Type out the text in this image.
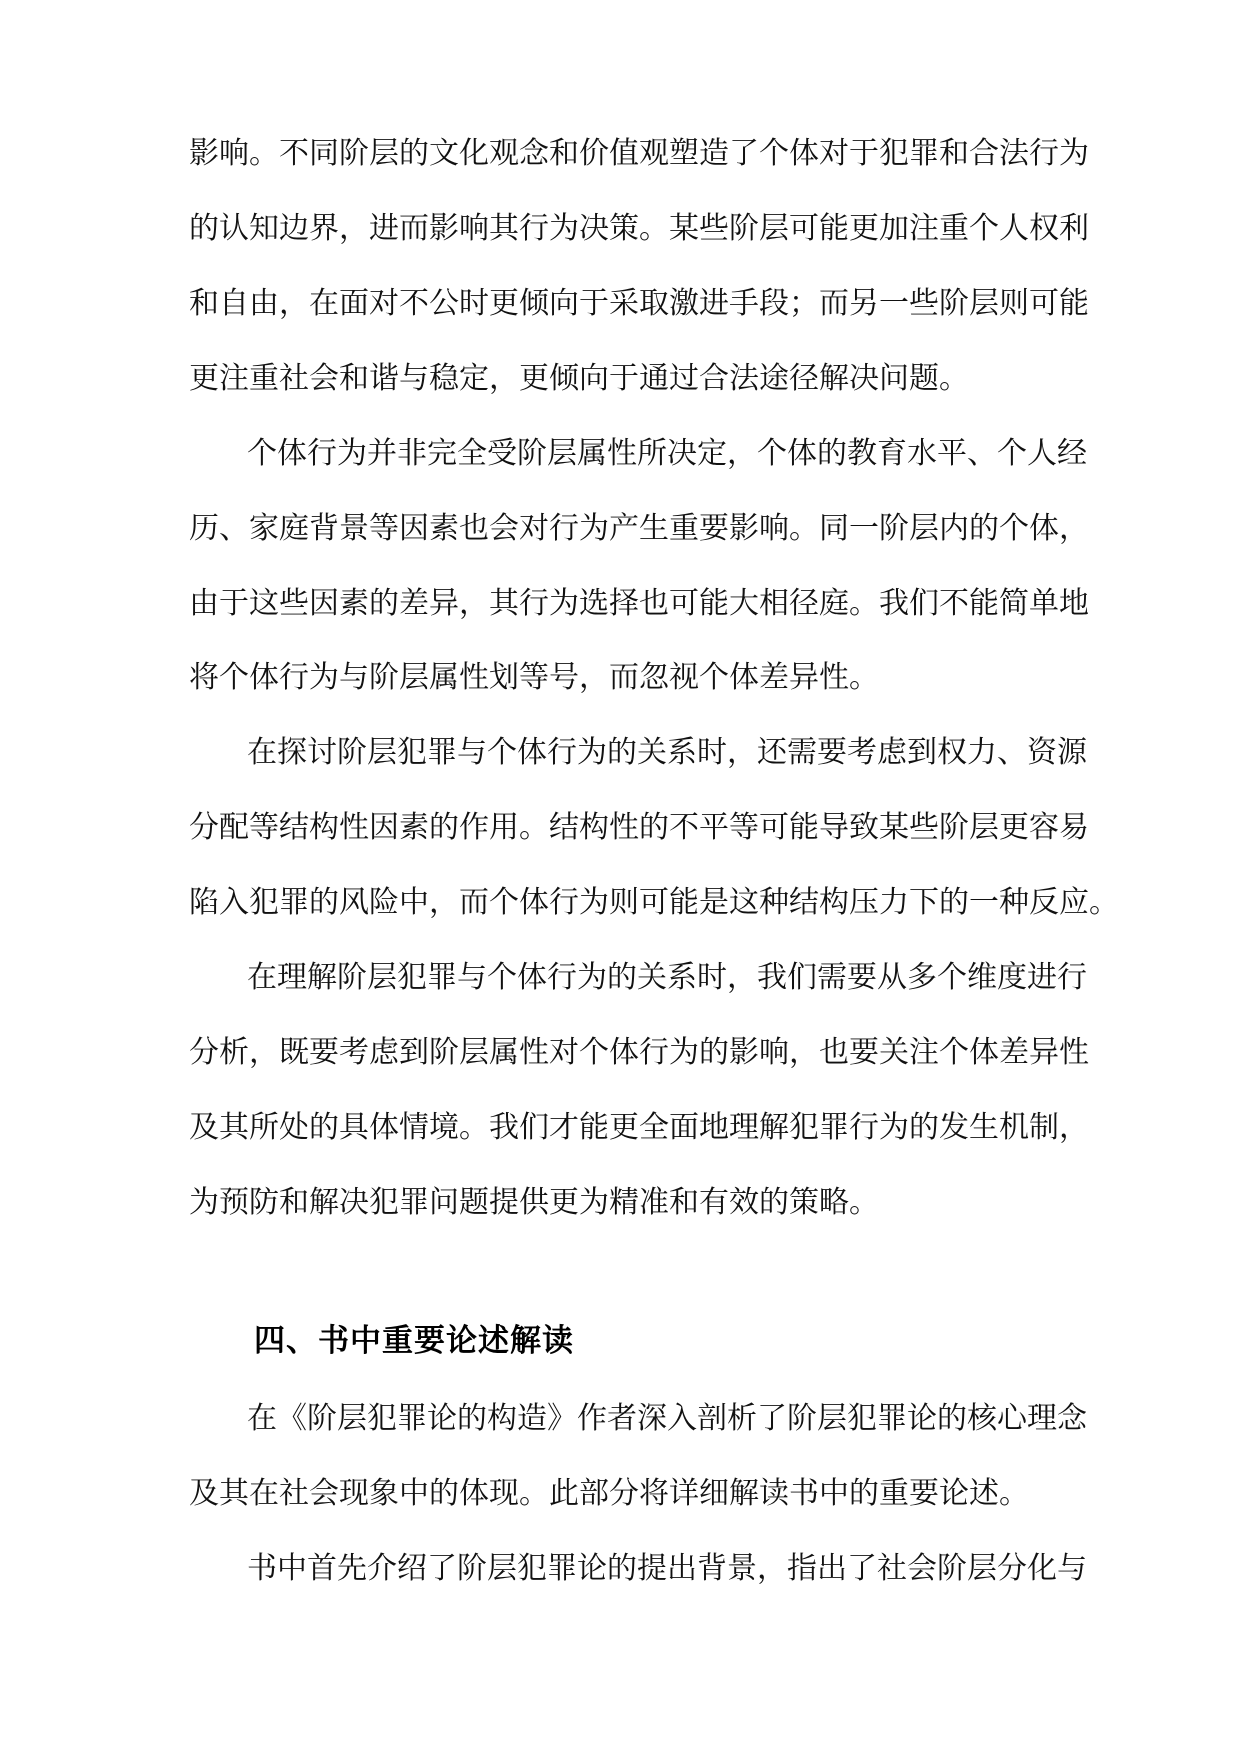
影响。不同阶层的文化观念和价值观塑造了个体对于犯罪和合法行为
的认知边界，进而影响其行为决策。某些阶层可能更加注重个人权利
和自由，在面对不公时更倾向于采取激进手段；而另一些阶层则可能
更注重社会和谐与稳定，更倾向于通过合法途径解决问题。
个体行为并非完全受阶层属性所决定，个体的教育水平、个人经
历、家庭背景等因素也会对行为产生重要影响。同一阶层内的个体，
由于这些因素的差异，其行为选择也可能大相径庭。我们不能简单地
将个体行为与阶层属性划等号，而忽视个体差异性。
在探讨阶层犯罪与个体行为的关系时，还需要考虑到权力、资源
分配等结构性因素的作用。结构性的不平等可能导致某些阶层更容易
陷入犯罪的风险中，而个体行为则可能是这种结构压力下的一种反应。
在理解阶层犯罪与个体行为的关系时，我们需要从多个维度进行
分析，既要考虑到阶层属性对个体行为的影响，也要关注个体差异性
及其所处的具体情境。我们才能更全面地理解犯罪行为的发生机制，
为预防和解决犯罪问题提供更为精准和有效的策略。
四、书中重要论述解读
在《阶层犯罪论的构造》作者深入剖析了阶层犯罪论的核心理念
及其在社会现象中的体现。此部分将详细解读书中的重要论述。
书中首先介绍了阶层犯罪论的提出背景，指出了社会阶层分化与
